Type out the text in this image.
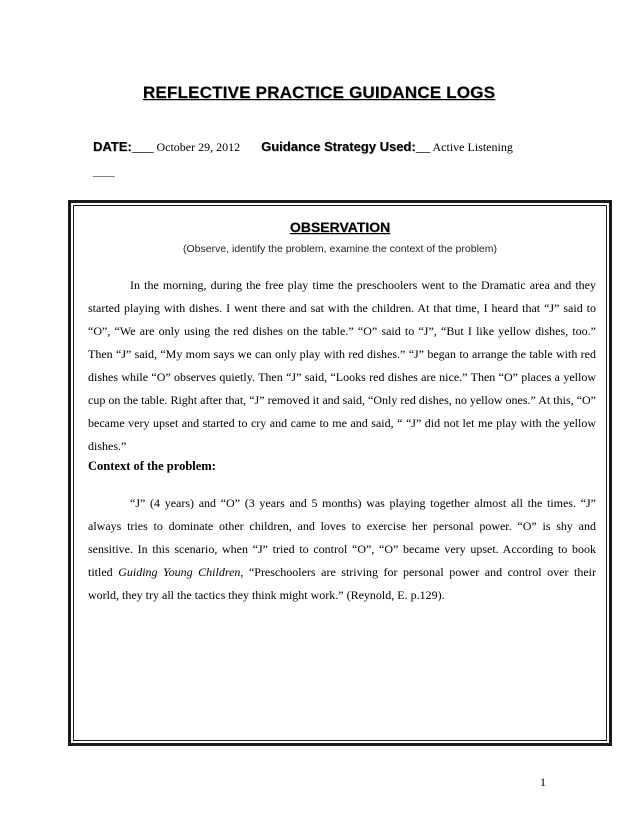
REFLECTIVE PRACTICE GUIDANCE LOGS
DATE:___ October 29, 2012 Guidance Strategy Used:__ Active Listening
___
OBSERVATION
(Observe, identify the problem, examine the context of the problem)

In the morning, during the free play time the preschoolers went to the Dramatic area and they started playing with dishes. I went there and sat with the children. At that time, I heard that “J” said to “O”, “We are only using the red dishes on the table.” “O” said to “J”, “But I like yellow dishes, too.” Then “J” said, “My mom says we can only play with red dishes.” “J” began to arrange the table with red dishes while “O” observes quietly. Then “J” said, “Looks red dishes are nice.” Then “O” places a yellow cup on the table. Right after that, “J” removed it and said, “Only red dishes, no yellow ones.” At this, “O” became very upset and started to cry and came to me and said, “ “J” did not let me play with the yellow dishes.”

Context of the problem:

“J” (4 years) and “O” (3 years and 5 months) was playing together almost all the times. “J” always tries to dominate other children, and loves to exercise her personal power. “O” is shy and sensitive. In this scenario, when “J” tried to control “O”, “O” became very upset. According to book titled Guiding Young Children, “Preschoolers are striving for personal power and control over their world, they try all the tactics they think might work.” (Reynold, E. p.129).

1
